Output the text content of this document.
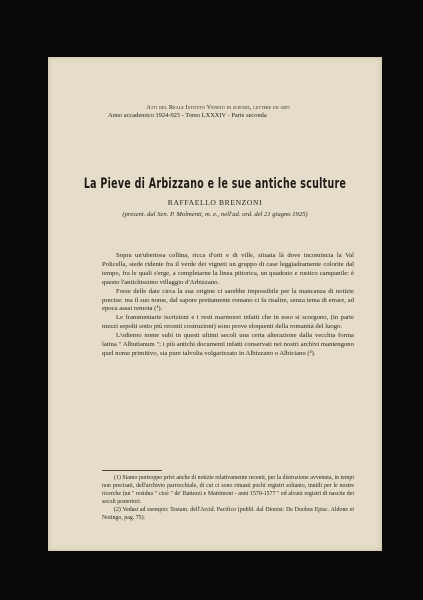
Atti del Reale Istituto Veneto di scienze, lettere ed arti
Anno accademico 1924-925 - Tomo LXXXIV - Parte seconda
La Pieve di Arbizzano e le sue antiche sculture
RAFFAELLO BRENZONI
(present. dal Sen. P. Molmenti, m. e., nell'ad. ord. del 21 giugno 1925)

Sopra un'ubertosa collina, ricca d'orti e di ville, situata là dove incomincia la Val Policella, siede ridente fra il verde dei vigneti un gruppo di case leggiadramente colorite dal tempo, fra le quali s'erge, a completarne la linea pittorica, un quadrato e rustico campanile: è questo l'antichissimo villaggio d'Arbizzano.

Forse delle date circa la sua origine ci sarebbe impossibile per la mancanza di notizie precise: ma il suo nome, dal sapore prettamente romano ci fa risalire, senza tema di errare, ad epoca assai remota (¹).

Le frammentarie iscrizioni e i resti marmorei infatti che in esso si scorgono, (in parte mezzi sepolti sotto più recenti costruzioni) sono prove eloquenti della romanità del luogo.

L'odierno nome subì in questi ultimi secoli una certa alterazione dalla vecchia forma latina " Albutianum "; i più antichi documenti infatti conservati nei nostri archivi mantengono quel nome primitivo, sia pure talvolta volgarizzato in Albizzano o Albiciano (²).

(1) Siamo purtroppo privi anche di notizie relativamente recenti, per la distruzione avvenuta, in tempi non precisati, dell'archivio parrocchiale, di cui ci sono rimasti pochi registri soltanto, inutili per le nostre ricerche (un " residuo " cioè " de' Battezzi e Matrimoni - anni 1570-1577 " ed alcuni registri di nascite dei secoli posteriori.

(2) Vedasi ad esempio: Testam. dell'Arcid. Pacifico (pubbl. dal Dionisi: De Duobus Episc. Aldone et Notingo, pag. 75).
